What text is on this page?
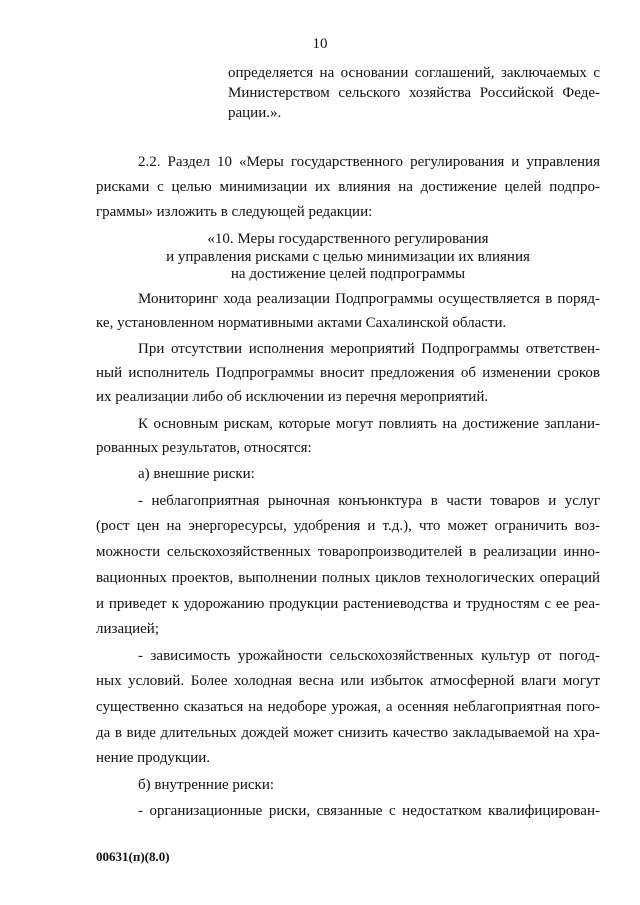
10
определяется на основании соглашений, заключаемых с
Министерством сельского хозяйства Российской Феде-
рации.».
2.2. Раздел 10 «Меры государственного регулирования и управления
рисками с целью минимизации их влияния на достижение целей подпро-
граммы» изложить в следующей редакции:
«10. Меры государственного регулирования
и управления рисками с целью минимизации их влияния
на достижение целей подпрограммы
Мониторинг хода реализации Подпрограммы осуществляется в поряд-
ке, установленном нормативными актами Сахалинской области.
При отсутствии исполнения мероприятий Подпрограммы ответствен-
ный исполнитель Подпрограммы вносит предложения об изменении сроков
их реализации либо об исключении из перечня мероприятий.
К основным рискам, которые могут повлиять на достижение заплани-
рованных результатов, относятся:
а) внешние риски:
- неблагоприятная рыночная конъюнктура в части товаров и услуг
(рост цен на энергоресурсы, удобрения и т.д.), что может ограничить воз-
можности сельскохозяйственных товаропроизводителей в реализации инно-
вационных проектов, выполнении полных циклов технологических операций
и приведет к удорожанию продукции растениеводства и трудностям с ее реа-
лизацией;
- зависимость урожайности сельскохозяйственных культур от погод-
ных условий. Более холодная весна или избыток атмосферной влаги могут
существенно сказаться на недоборе урожая, а осенняя неблагоприятная пого-
да в виде длительных дождей может снизить качество закладываемой на хра-
нение продукции.
б) внутренние риски:
- организационные риски, связанные с недостатком квалифицирован-
00631(п)(8.0)
